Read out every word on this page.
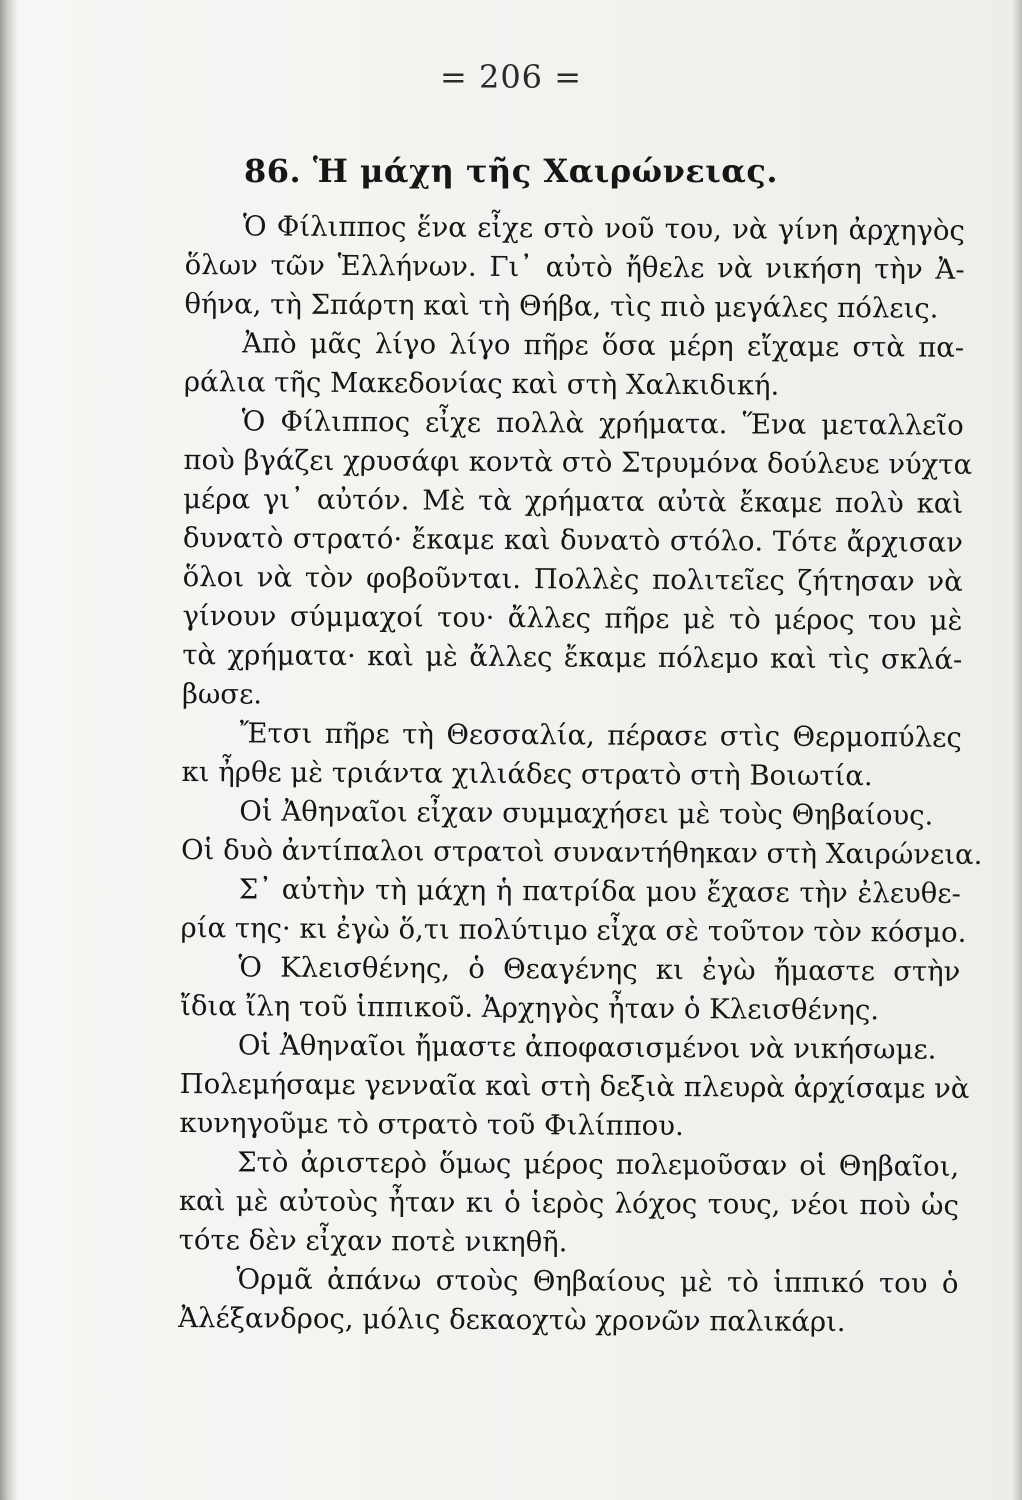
= 206 =
86. Ἡ μάχη τῆς Χαιρώνειας.
Ὁ Φίλιππος ἕνα εἶχε στὸ νοῦ του, νὰ γίνη ἀρχηγὸς
ὅλων τῶν Ἑλλήνων. Γι᾽ αὐτὸ ἤθελε νὰ νικήση τὴν Ἀ-
θήνα, τὴ Σπάρτη καὶ τὴ Θήβα, τὶς πιὸ μεγάλες πόλεις.
Ἀπὸ μᾶς λίγο λίγο πῆρε ὅσα μέρη εἴχαμε στὰ πα-
ράλια τῆς Μακεδονίας καὶ στὴ Χαλκιδική.
Ὁ Φίλιππος εἶχε πολλὰ χρήματα. Ἕνα μεταλλεῖο
ποὺ βγάζει χρυσάφι κοντὰ στὸ Στρυμόνα δούλευε νύχτα
μέρα γι᾽ αὐτόν. Μὲ τὰ χρήματα αὐτὰ ἔκαμε πολὺ καὶ
δυνατὸ στρατό· ἔκαμε καὶ δυνατὸ στόλο. Τότε ἄρχισαν
ὅλοι νὰ τὸν φοβοῦνται. Πολλὲς πολιτεῖες ζήτησαν νὰ
γίνουν σύμμαχοί του· ἄλλες πῆρε μὲ τὸ μέρος του μὲ
τὰ χρήματα· καὶ μὲ ἄλλες ἔκαμε πόλεμο καὶ τὶς σκλά-
βωσε.
Ἔτσι πῆρε τὴ Θεσσαλία, πέρασε στὶς Θερμοπύλες
κι ἦρθε μὲ τριάντα χιλιάδες στρατὸ στὴ Βοιωτία.
Οἱ Ἀθηναῖοι εἶχαν συμμαχήσει μὲ τοὺς Θηβαίους.
Οἱ δυὸ ἀντίπαλοι στρατοὶ συναντήθηκαν στὴ Χαιρώνεια.
Σ᾽ αὐτὴν τὴ μάχη ἡ πατρίδα μου ἔχασε τὴν ἐλευθε-
ρία της· κι ἐγὼ ὅ,τι πολύτιμο εἶχα σὲ τοῦτον τὸν κόσμο.
Ὁ Κλεισθένης, ὁ Θεαγένης κι ἐγὼ ἤμαστε στὴν
ἴδια ἴλη τοῦ ἱππικοῦ. Ἀρχηγὸς ἦταν ὁ Κλεισθένης.
Οἱ Ἀθηναῖοι ἤμαστε ἀποφασισμένοι νὰ νικήσωμε.
Πολεμήσαμε γενναῖα καὶ στὴ δεξιὰ πλευρὰ ἀρχίσαμε νὰ
κυνηγοῦμε τὸ στρατὸ τοῦ Φιλίππου.
Στὸ ἀριστερὸ ὅμως μέρος πολεμοῦσαν οἱ Θηβαῖοι,
καὶ μὲ αὐτοὺς ἦταν κι ὁ ἱερὸς λόχος τους, νέοι ποὺ ὡς
τότε δὲν εἶχαν ποτὲ νικηθῆ.
Ὁρμᾶ ἀπάνω στοὺς Θηβαίους μὲ τὸ ἱππικό του ὁ
Ἀλέξανδρος, μόλις δεκαοχτὼ χρονῶν παλικάρι.
